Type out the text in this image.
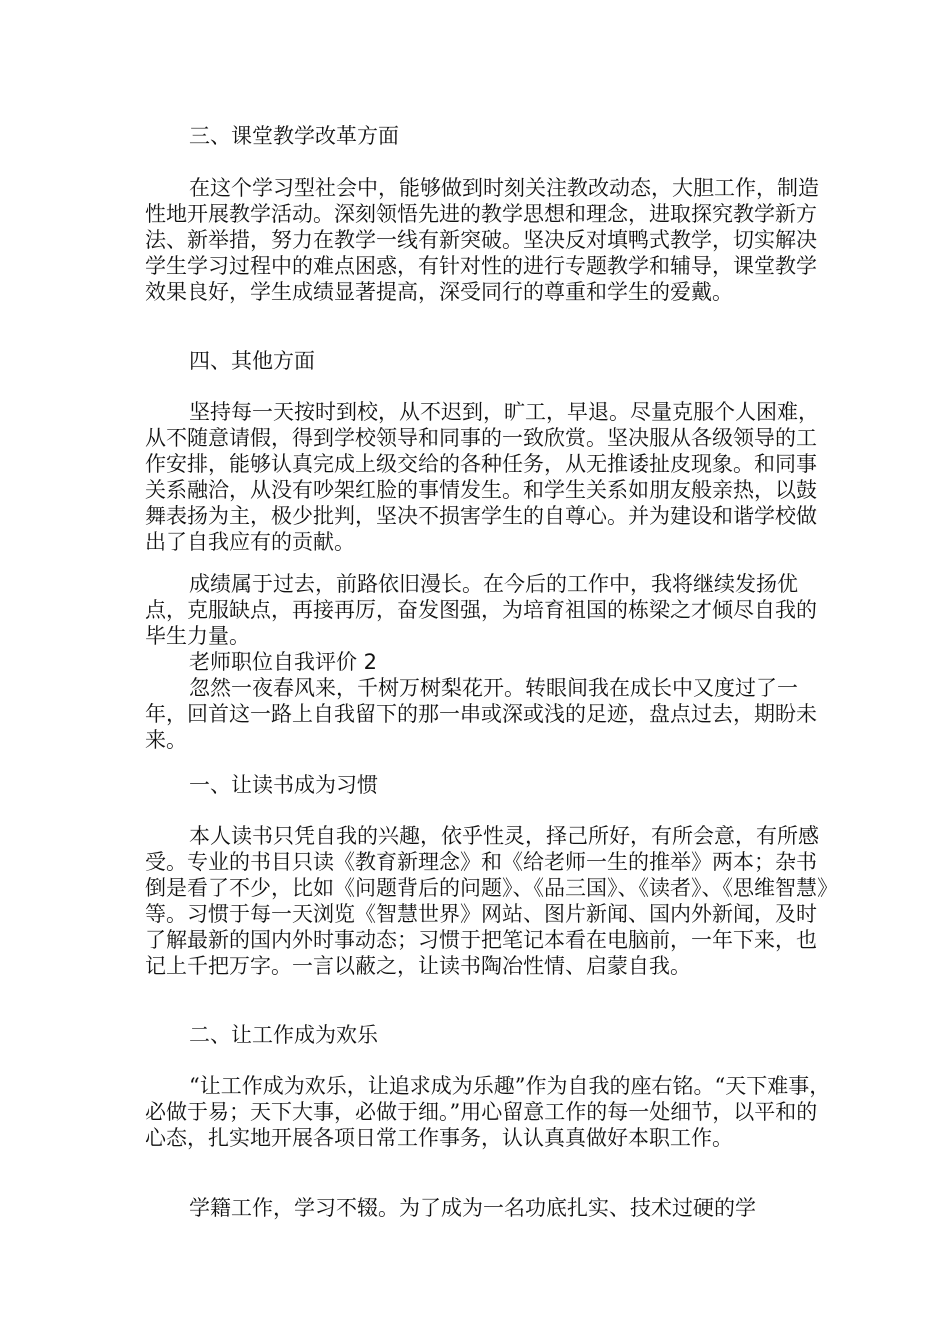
三、课堂教学改革方面

在这个学习型社会中，能够做到时刻关注教改动态，大胆工作，制造性地开展教学活动。深刻领悟先进的教学思想和理念，进取探究教学新方法、新举措，努力在教学一线有新突破。坚决反对填鸭式教学，切实解决学生学习过程中的难点困惑，有针对性的进行专题教学和辅导，课堂教学效果良好，学生成绩显著提高，深受同行的尊重和学生的爱戴。

四、其他方面

坚持每一天按时到校，从不迟到，旷工，早退。尽量克服个人困难，从不随意请假，得到学校领导和同事的一致欣赏。坚决服从各级领导的工作安排，能够认真完成上级交给的各种任务，从无推诿扯皮现象。和同事关系融洽，从没有吵架红脸的事情发生。和学生关系如朋友般亲热，以鼓舞表扬为主，极少批判，坚决不损害学生的自尊心。并为建设和谐学校做出了自我应有的贡献。

成绩属于过去，前路依旧漫长。在今后的工作中，我将继续发扬优点，克服缺点，再接再厉，奋发图强，为培育祖国的栋梁之才倾尽自我的毕生力量。

老师职位自我评价 2

忽然一夜春风来，千树万树梨花开。转眼间我在成长中又度过了一年，回首这一路上自我留下的那一串或深或浅的足迹，盘点过去，期盼未来。

一、让读书成为习惯

本人读书只凭自我的兴趣，依乎性灵，择己所好，有所会意，有所感受。专业的书目只读《教育新理念》和《给老师一生的推举》两本；杂书倒是看了不少，比如《问题背后的问题》、《品三国》、《读者》、《思维智慧》等。习惯于每一天浏览《智慧世界》网站、图片新闻、国内外新闻，及时了解最新的国内外时事动态；习惯于把笔记本看在电脑前，一年下来，也记上千把万字。一言以蔽之，让读书陶冶性情、启蒙自我。

二、让工作成为欢乐

“让工作成为欢乐，让追求成为乐趣”作为自我的座右铭。“天下难事，必做于易；天下大事，必做于细。”用心留意工作的每一处细节，以平和的心态，扎实地开展各项日常工作事务，认认真真做好本职工作。

学籍工作，学习不辍。为了成为一名功底扎实、技术过硬的学
